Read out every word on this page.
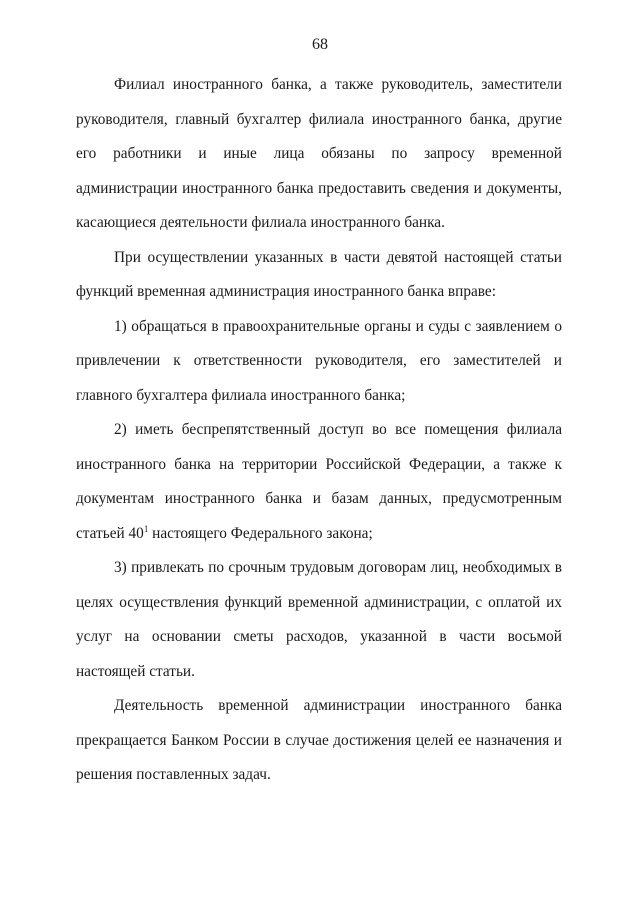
68

Филиал иностранного банка, а также руководитель, заместители руководителя, главный бухгалтер филиала иностранного банка, другие его работники и иные лица обязаны по запросу временной администрации иностранного банка предоставить сведения и документы, касающиеся деятельности филиала иностранного банка.

При осуществлении указанных в части девятой настоящей статьи функций временная администрация иностранного банка вправе:

1) обращаться в правоохранительные органы и суды с заявлением о привлечении к ответственности руководителя, его заместителей и главного бухгалтера филиала иностранного банка;

2) иметь беспрепятственный доступ во все помещения филиала иностранного банка на территории Российской Федерации, а также к документам иностранного банка и базам данных, предусмотренным статьей $40^1$ настоящего Федерального закона;

3) привлекать по срочным трудовым договорам лиц, необходимых в целях осуществления функций временной администрации, с оплатой их услуг на основании сметы расходов, указанной в части восьмой настоящей статьи.

Деятельность временной администрации иностранного банка прекращается Банком России в случае достижения целей ее назначения и решения поставленных задач.
